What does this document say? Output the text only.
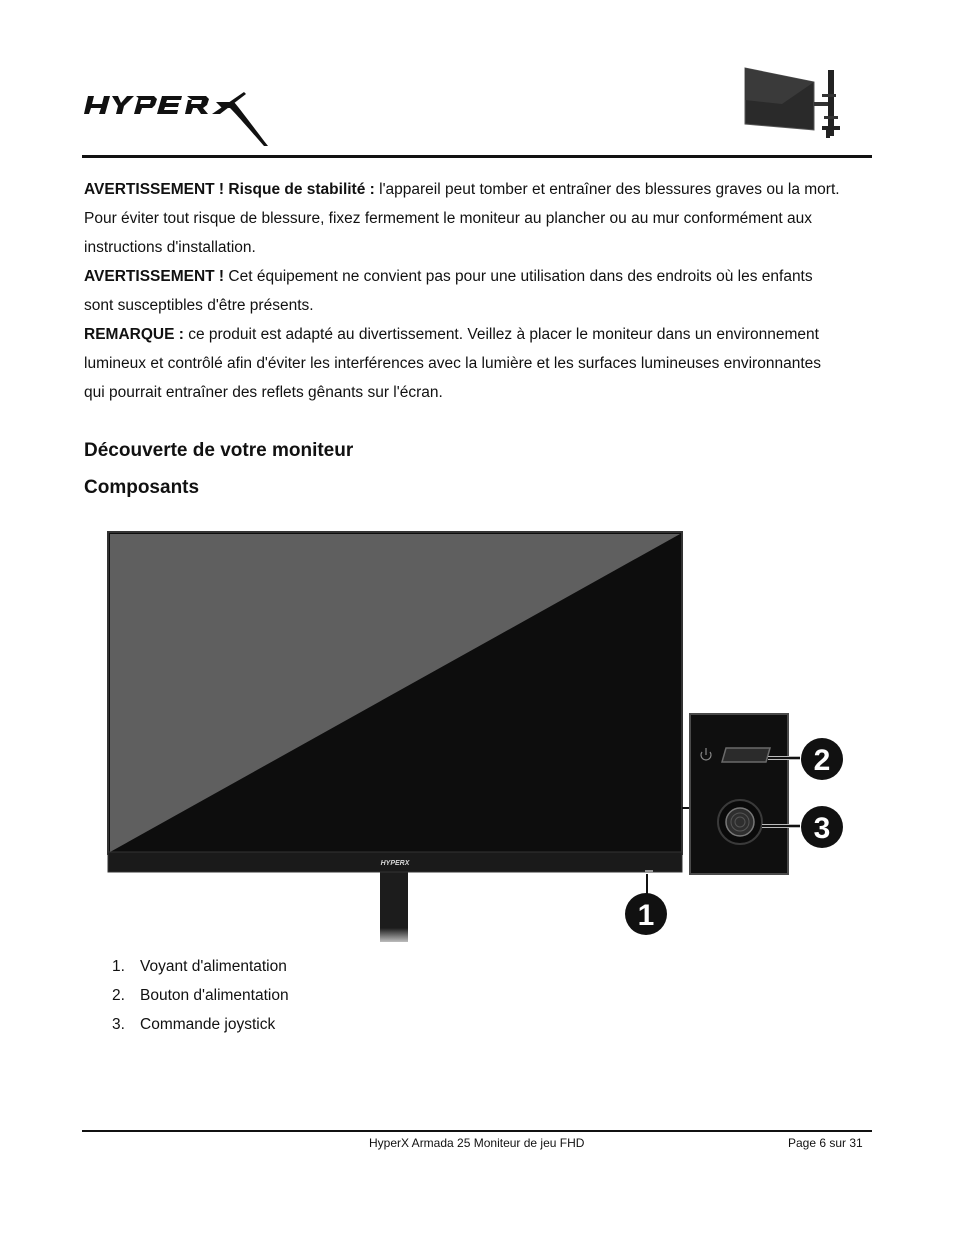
AVERTISSEMENT ! Risque de stabilité : l'appareil peut tomber et entraîner des blessures graves ou la mort. Pour éviter tout risque de blessure, fixez fermement le moniteur au plancher ou au mur conformément aux instructions d'installation.

AVERTISSEMENT ! Cet équipement ne convient pas pour une utilisation dans des endroits où les enfants sont susceptibles d'être présents.

REMARQUE : ce produit est adapté au divertissement. Veillez à placer le moniteur dans un environnement lumineux et contrôlé afin d'éviter les interférences avec la lumière et les surfaces lumineuses environnantes qui pourrait entraîner des reflets gênants sur l'écran.

Découverte de votre moniteur
Composants
HYPERX
1
2
3
1. Voyant d'alimentation
2. Bouton d'alimentation
3. Commande joystick
HyperX Armada 25 Moniteur de jeu FHD	Page 6 sur 31
